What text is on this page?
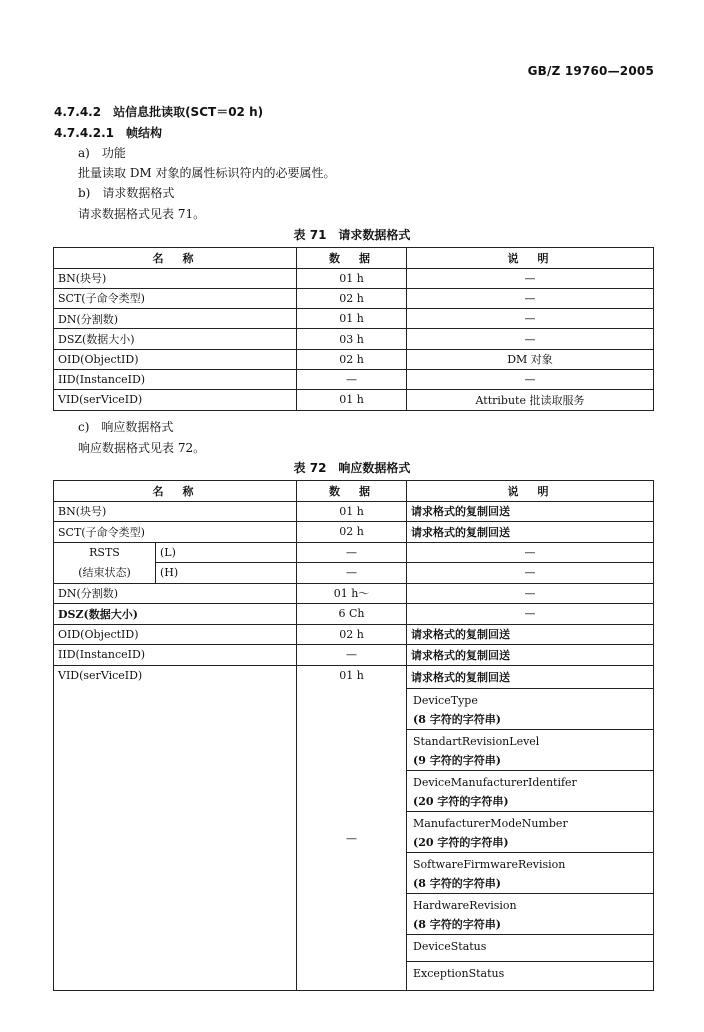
GB/Z 19760—2005
4.7.4.2　站信息批读取(SCT＝02 h)
4.7.4.2.1　帧结构
a)　功能
批量读取 DM 对象的属性标识符内的必要属性。
b)　请求数据格式
请求数据格式见表 71。
表 71　请求数据格式
名　称	数　据	说　明
BN(块号)	01 h	—
SCT(子命令类型)	02 h	—
DN(分割数)	01 h	—
DSZ(数据大小)	03 h	—
OID(ObjectID)	02 h	DM 对象
IID(InstanceID)	—	—
VID(serViceID)	01 h	Attribute 批读取服务
c)　响应数据格式
响应数据格式见表 72。
表 72　响应数据格式
名　称		数　据	说　明
BN(块号)		01 h	请求格式的复制回送
SCT(子命令类型)		02 h	请求格式的复制回送

RSTS
(结束状态)	(L)	—	—
	(H)	—	—
DN(分割数)		01 h～	—
DSZ(数据大小)		6 Ch	—
OID(ObjectID)		02 h	请求格式的复制回送
IID(InstanceID)		—	请求格式的复制回送
VID(serViceID)		01 h	请求格式的复制回送
		—	DeviceType
(8 字符的字符串)

			StandartRevisionLevel
(9 字符的字符串)

			DeviceManufacturerIdentifer
(20 字符的字符串)

			ManufacturerModeNumber
(20 字符的字符串)

			SoftwareFirmwareRevision
(8 字符的字符串)

			HardwareRevision
(8 字符的字符串)

			DeviceStatus

			ExceptionStatus
